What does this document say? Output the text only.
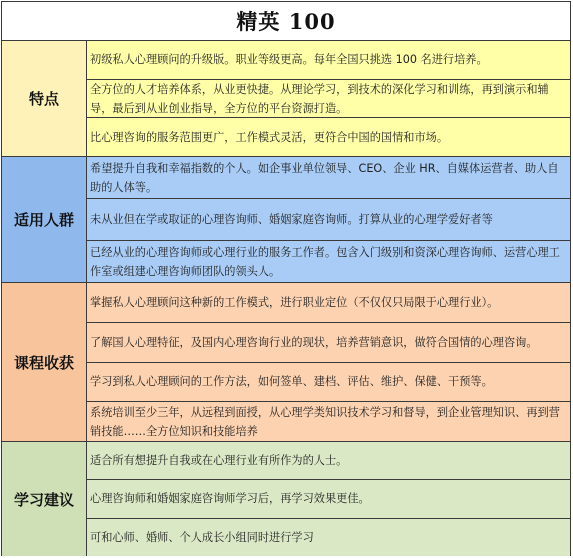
精英 100
特点
初级私人心理顾问的升级版。职业等级更高。每年全国只挑选 100 名进行培养。
全方位的人才培养体系，从业更快捷。从理论学习，到技术的深化学习和训练，再到演示和辅导，最后到从业创业指导，全方位的平台资源打造。
比心理咨询的服务范围更广，工作模式灵活，更符合中国的国情和市场。
适用人群
希望提升自我和幸福指数的个人。如企事业单位领导、CEO、企业 HR、自媒体运营者、助人自助的人体等。
未从业但在学或取证的心理咨询师、婚姻家庭咨询师。打算从业的心理学爱好者等
已经从业的心理咨询师或心理行业的服务工作者。包含入门级别和资深心理咨询师、运营心理工作室或组建心理咨询师团队的领头人。
课程收获
掌握私人心理顾问这种新的工作模式，进行职业定位（不仅仅只局限于心理行业）。
了解国人心理特征，及国内心理咨询行业的现状，培养营销意识，做符合国情的心理咨询。
学习到私人心理顾问的工作方法，如何签单、建档、评估、维护、保健、干预等。
系统培训至少三年，从远程到面授，从心理学类知识技术学习和督导，到企业管理知识、再到营销技能……全方位知识和技能培养
学习建议
适合所有想提升自我或在心理行业有所作为的人士。
心理咨询师和婚姻家庭咨询师学习后，再学习效果更佳。
可和心师、婚师、个人成长小组同时进行学习
